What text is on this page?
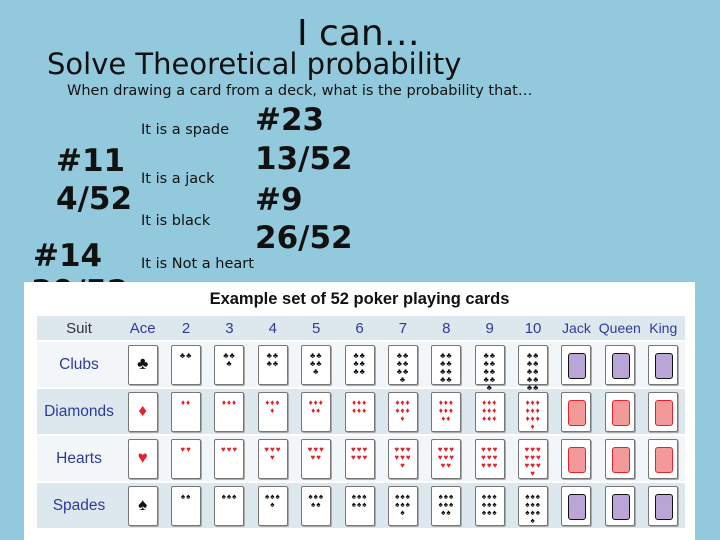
I can…
Solve Theoretical probability
When drawing a card from a deck, what is the probability that…
It is a spade
It is a jack
It is black
It is Not a heart
#11
4/52
#14
#23
13/52
#9
26/52
Example set of 52 poker playing cards
Suit	Ace	2	3	4	5	6	7	8	9	10	Jack	Queen	King
Clubs	♣	♣♣	♣♣♣	♣♣♣♣	♣♣♣♣♣	♣♣♣♣♣♣	♣♣♣♣♣♣♣	♣♣♣♣♣♣♣♣	♣♣♣♣♣♣♣♣♣	♣♣♣♣♣♣♣♣♣♣			

Diamonds	♦	♦♦	♦♦♦	♦♦♦♦	♦♦♦♦♦	♦♦♦♦♦♦	♦♦♦♦♦♦♦	♦♦♦♦♦♦♦♦	♦♦♦♦♦♦♦♦♦	♦♦♦♦♦♦♦♦♦♦			

Hearts	♥	♥♥	♥♥♥	♥♥♥♥	♥♥♥♥♥	♥♥♥♥♥♥	♥♥♥♥♥♥♥	♥♥♥♥♥♥♥♥	♥♥♥♥♥♥♥♥♥	♥♥♥♥♥♥♥♥♥♥			

Spades	♠	♠♠	♠♠♠	♠♠♠♠	♠♠♠♠♠	♠♠♠♠♠♠	♠♠♠♠♠♠♠	♠♠♠♠♠♠♠♠	♠♠♠♠♠♠♠♠♠	♠♠♠♠♠♠♠♠♠♠			
